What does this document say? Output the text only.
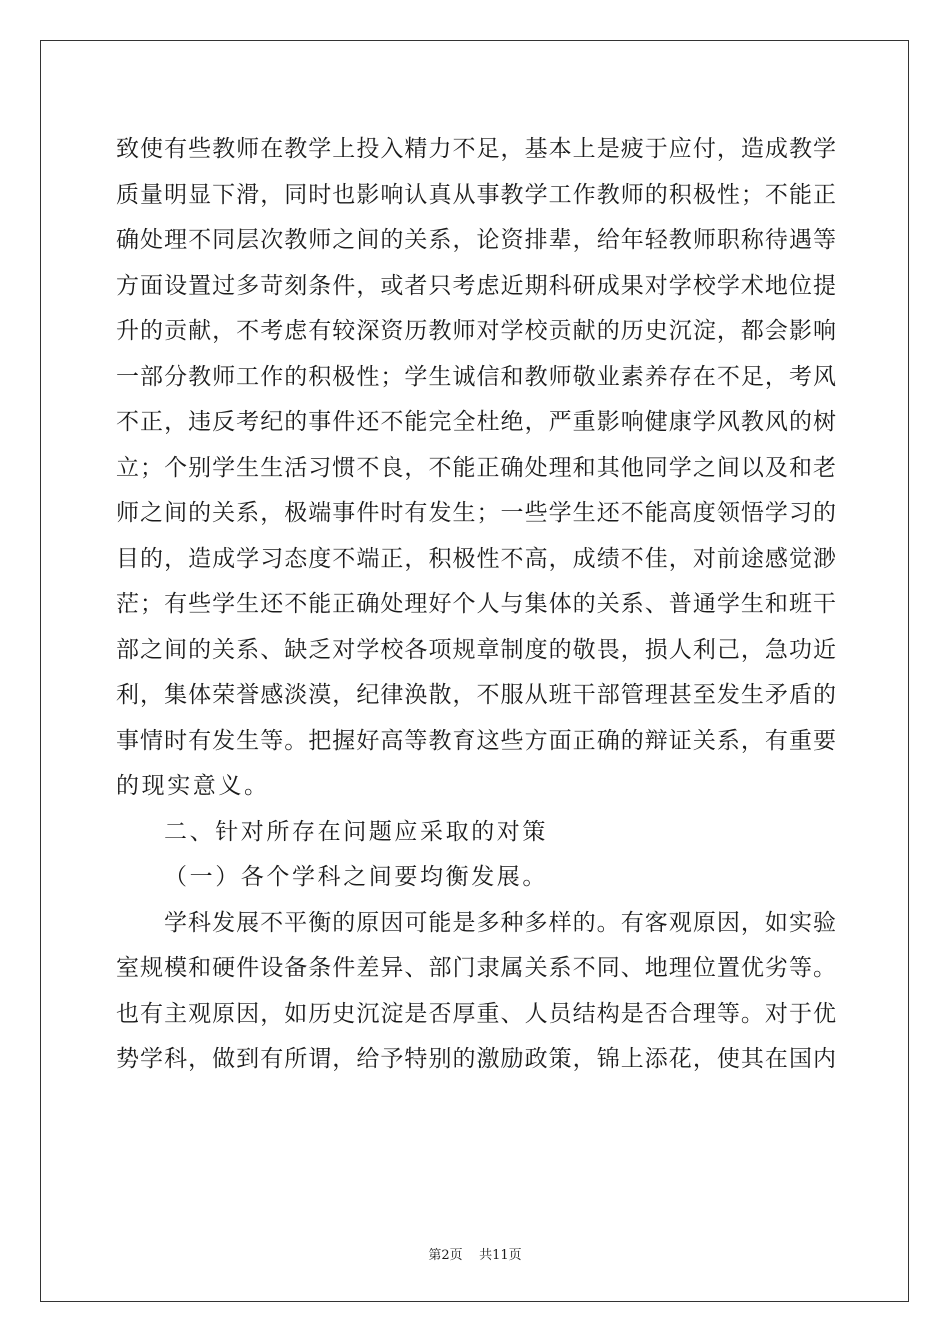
致使有些教师在教学上投入精力不足，基本上是疲于应付，造成教学
质量明显下滑，同时也影响认真从事教学工作教师的积极性；不能正
确处理不同层次教师之间的关系，论资排辈，给年轻教师职称待遇等
方面设置过多苛刻条件，或者只考虑近期科研成果对学校学术地位提
升的贡献，不考虑有较深资历教师对学校贡献的历史沉淀，都会影响
一部分教师工作的积极性；学生诚信和教师敬业素养存在不足，考风
不正，违反考纪的事件还不能完全杜绝，严重影响健康学风教风的树
立；个别学生生活习惯不良，不能正确处理和其他同学之间以及和老
师之间的关系，极端事件时有发生；一些学生还不能高度领悟学习的
目的，造成学习态度不端正，积极性不高，成绩不佳，对前途感觉渺
茫；有些学生还不能正确处理好个人与集体的关系、普通学生和班干
部之间的关系、缺乏对学校各项规章制度的敬畏，损人利己，急功近
利，集体荣誉感淡漠，纪律涣散，不服从班干部管理甚至发生矛盾的
事情时有发生等。把握好高等教育这些方面正确的辩证关系，有重要
的现实意义。
二、针对所存在问题应采取的对策
（一）各个学科之间要均衡发展。
学科发展不平衡的原因可能是多种多样的。有客观原因，如实验
室规模和硬件设备条件差异、部门隶属关系不同、地理位置优劣等。
也有主观原因，如历史沉淀是否厚重、人员结构是否合理等。对于优
势学科，做到有所谓，给予特别的激励政策，锦上添花，使其在国内
第2页    共11页
